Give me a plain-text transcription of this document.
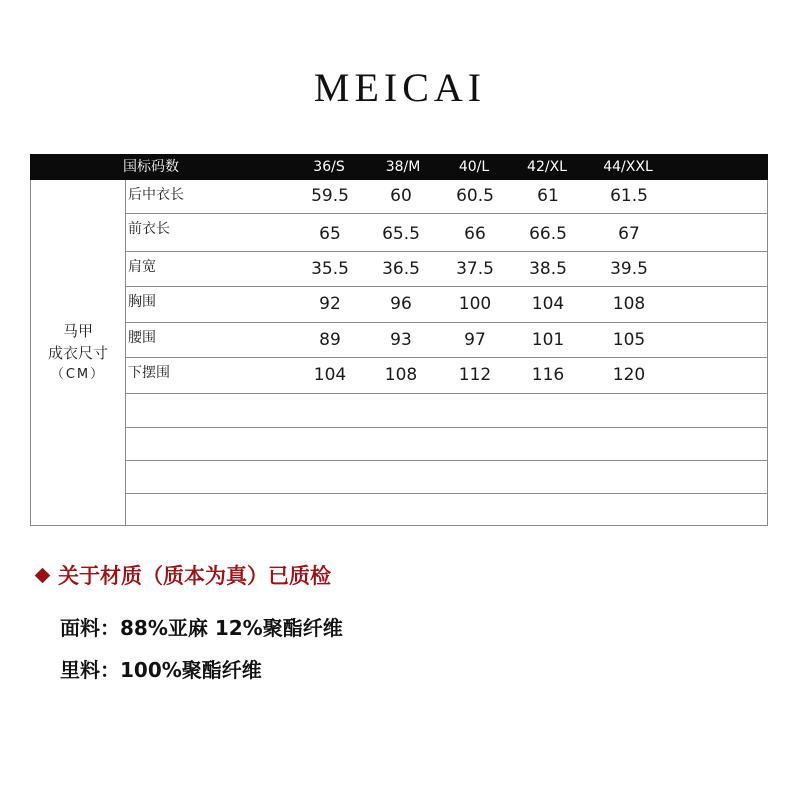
MEICAI
国标码数	36/S	38/M	40/L	42/XL	44/XXL
马甲
成衣尺寸
（CM）
后中衣长	59.5	60	60.5	61	61.5
前衣长	65	65.5	66	66.5	67
肩宽	35.5	36.5	37.5	38.5	39.5
胸围	92	96	100	104	108
腰围	89	93	97	101	105
下摆围	104	108	112	116	120
关于材质（质本为真）已质检
面料：88%亚麻 12%聚酯纤维
里料：100%聚酯纤维
